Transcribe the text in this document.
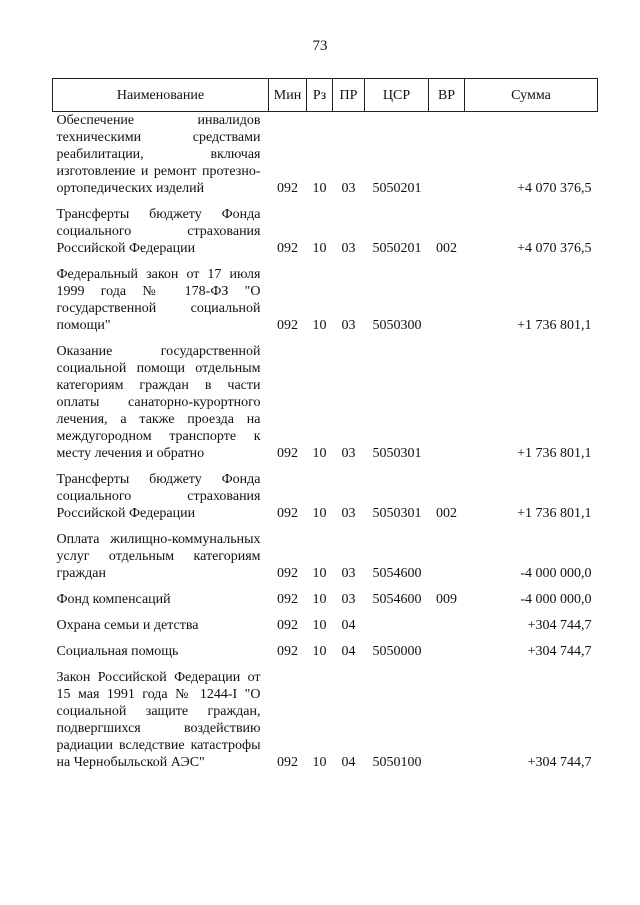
73
Наименование	Мин	Рз	ПР	ЦСР	ВР	Сумма
Обеспечение инвалидов техническими средствами реабилитации, включая изготовление и ремонт протезно-ортопедических изделий	092	10	03	5050201		+4 070 376,5
Трансферты бюджету Фонда социального страхования Российской Федерации	092	10	03	5050201	002	+4 070 376,5
Федеральный закон от 17 июля 1999 года № 178-ФЗ "О государственной социальной помощи"	092	10	03	5050300		+1 736 801,1
Оказание государственной социальной помощи отдельным категориям граждан в части оплаты санаторно-курортного лечения, а также проезда на междугородном транспорте к месту лечения и обратно	092	10	03	5050301		+1 736 801,1
Трансферты бюджету Фонда социального страхования Российской Федерации	092	10	03	5050301	002	+1 736 801,1
Оплата жилищно-коммунальных услуг отдельным категориям граждан	092	10	03	5054600		-4 000 000,0
Фонд компенсаций	092	10	03	5054600	009	-4 000 000,0
Охрана семьи и детства	092	10	04			+304 744,7
Социальная помощь	092	10	04	5050000		+304 744,7
Закон Российской Федерации от 15 мая 1991 года № 1244-I "О социальной защите граждан, подвергшихся воздействию радиации вследствие катастрофы на Чернобыльской АЭС"	092	10	04	5050100		+304 744,7
